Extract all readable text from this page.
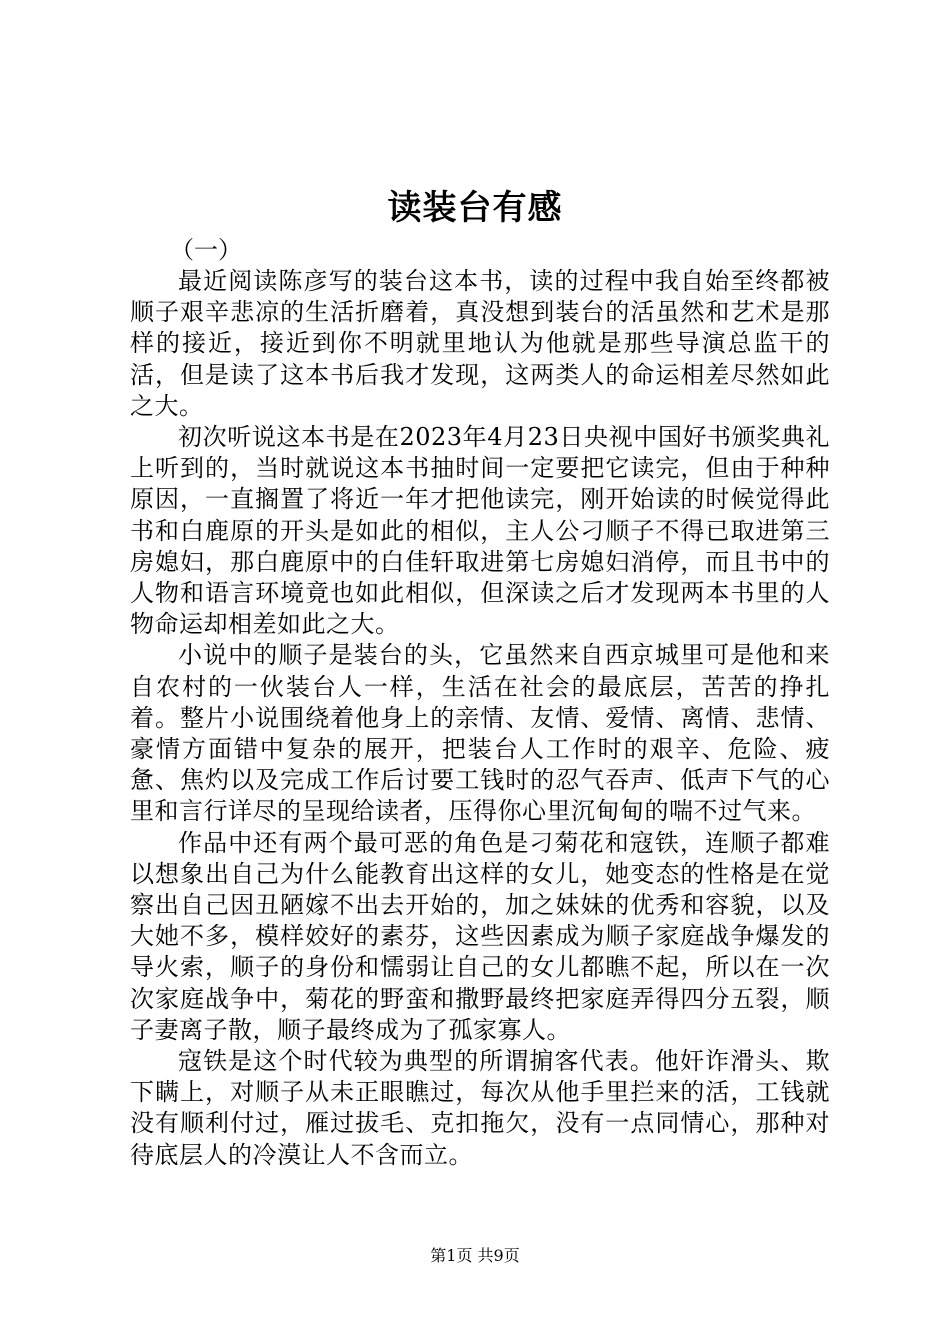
读装台有感
（一）

最近阅读陈彦写的装台这本书，读的过程中我自始至终都被顺子艰辛悲凉的生活折磨着，真没想到装台的活虽然和艺术是那样的接近，接近到你不明就里地认为他就是那些导演总监干的活，但是读了这本书后我才发现，这两类人的命运相差尽然如此之大。

初次听说这本书是在2023年4月23日央视中国好书颁奖典礼上听到的，当时就说这本书抽时间一定要把它读完，但由于种种原因，一直搁置了将近一年才把他读完，刚开始读的时候觉得此书和白鹿原的开头是如此的相似，主人公刁顺子不得已取进第三房媳妇，那白鹿原中的白佳轩取进第七房媳妇消停，而且书中的人物和语言环境竟也如此相似，但深读之后才发现两本书里的人物命运却相差如此之大。

小说中的顺子是装台的头，它虽然来自西京城里可是他和来自农村的一伙装台人一样，生活在社会的最底层，苦苦的挣扎着。整片小说围绕着他身上的亲情、友情、爱情、离情、悲情、豪情方面错中复杂的展开，把装台人工作时的艰辛、危险、疲惫、焦灼以及完成工作后讨要工钱时的忍气吞声、低声下气的心里和言行详尽的呈现给读者，压得你心里沉甸甸的喘不过气来。

作品中还有两个最可恶的角色是刁菊花和寇铁，连顺子都难以想象出自己为什么能教育出这样的女儿，她变态的性格是在觉察出自己因丑陋嫁不出去开始的，加之妹妹的优秀和容貌，以及大她不多，模样姣好的素芬，这些因素成为顺子家庭战争爆发的导火索，顺子的身份和懦弱让自己的女儿都瞧不起，所以在一次次家庭战争中，菊花的野蛮和撒野最终把家庭弄得四分五裂，顺子妻离子散，顺子最终成为了孤家寡人。

寇铁是这个时代较为典型的所谓掮客代表。他奸诈滑头、欺下瞒上，对顺子从未正眼瞧过，每次从他手里拦来的活，工钱就没有顺利付过，雁过拔毛、克扣拖欠，没有一点同情心，那种对待底层人的冷漠让人不含而立。

第1页 共9页
